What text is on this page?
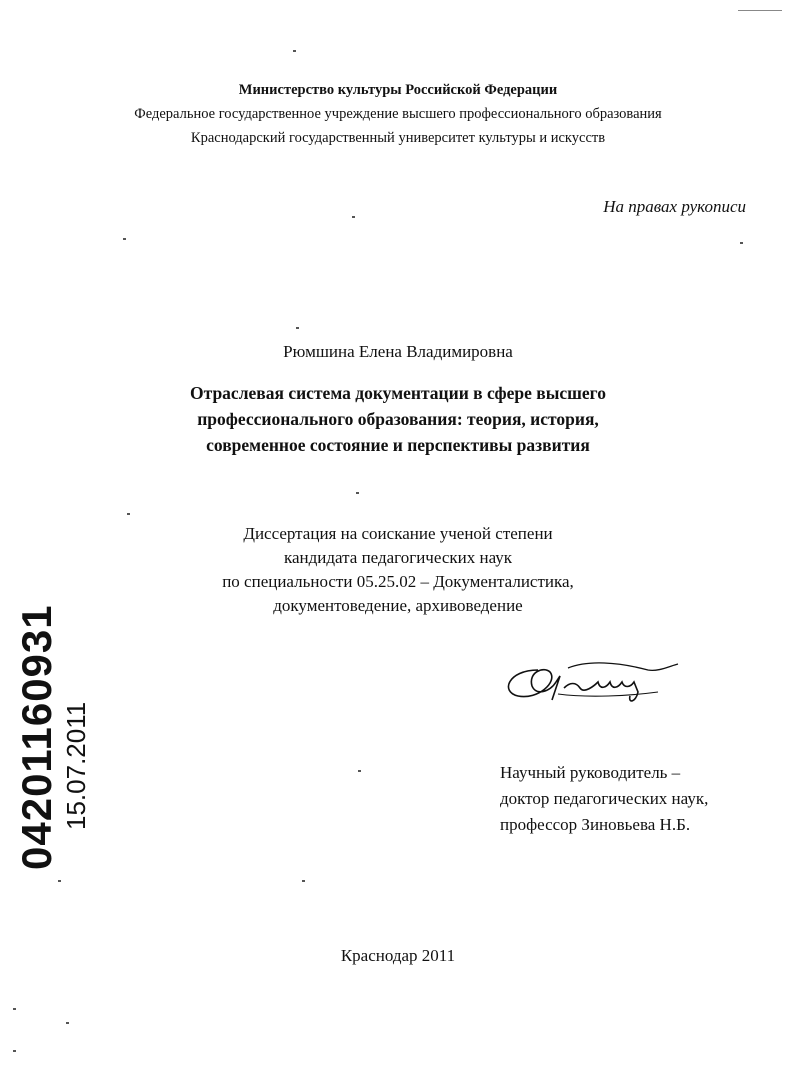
Министерство культуры Российской Федерации
Федеральное государственное учреждение высшего профессионального образования
Краснодарский государственный университет культуры и искусств
На правах рукописи
Рюмшина Елена Владимировна
Отраслевая система документации в сфере высшего
профессионального образования: теория, история,
современное состояние и перспективы развития
Диссертация на соискание ученой степени
кандидата педагогических наук
по специальности 05.25.02 – Документалистика,
документоведение, архивоведение
Научный руководитель –
доктор педагогических наук,
профессор Зиновьева Н.Б.
Краснодар 2011
04201160931 15.07.2011
